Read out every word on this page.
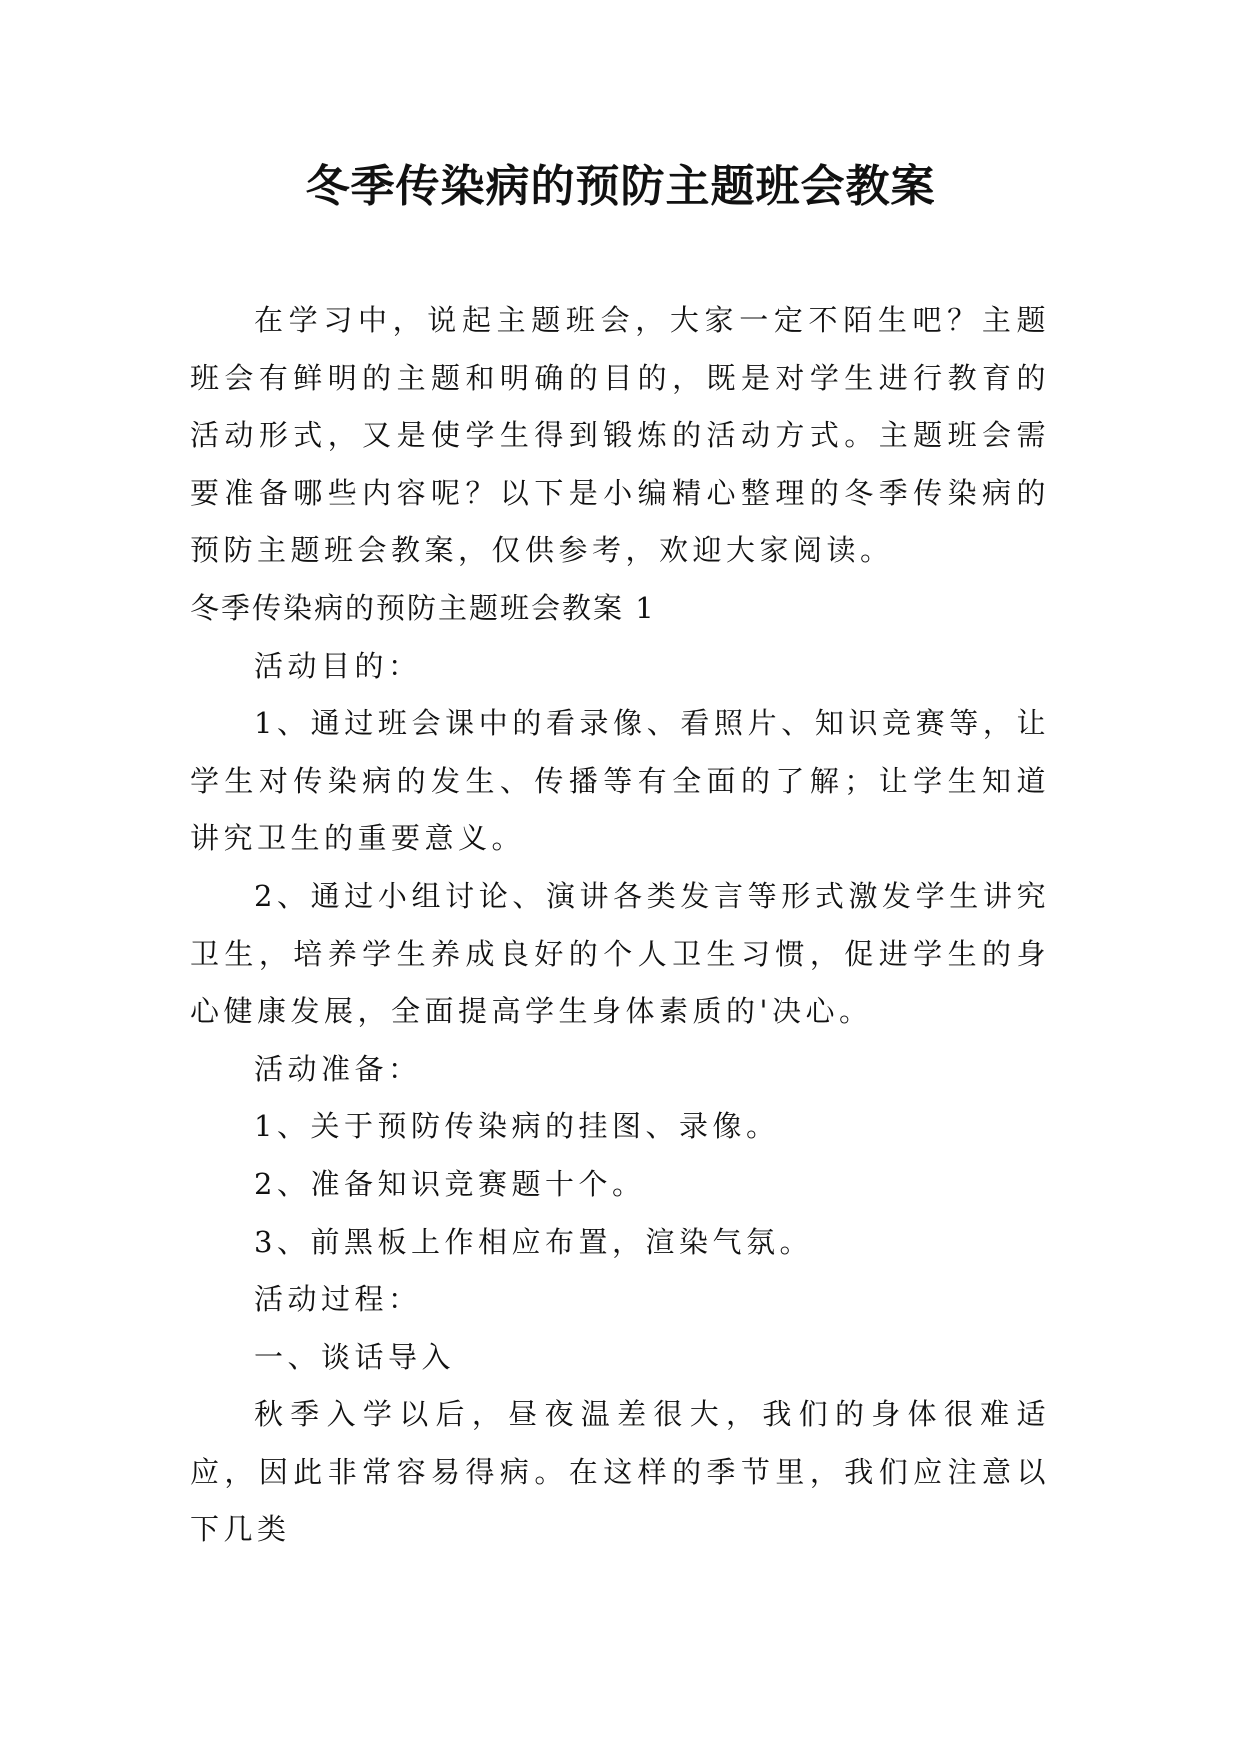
冬季传染病的预防主题班会教案

在学习中，说起主题班会，大家一定不陌生吧？主题班会有鲜明的主题和明确的目的，既是对学生进行教育的活动形式，又是使学生得到锻炼的活动方式。主题班会需要准备哪些内容呢？以下是小编精心整理的冬季传染病的预防主题班会教案，仅供参考，欢迎大家阅读。

冬季传染病的预防主题班会教案 1

活动目的：

1、通过班会课中的看录像、看照片、知识竞赛等，让学生对传染病的发生、传播等有全面的了解；让学生知道讲究卫生的重要意义。

2、通过小组讨论、演讲各类发言等形式激发学生讲究卫生，培养学生养成良好的个人卫生习惯，促进学生的身心健康发展，全面提高学生身体素质的'决心。

活动准备：

1、关于预防传染病的挂图、录像。

2、准备知识竞赛题十个。

3、前黑板上作相应布置，渲染气氛。

活动过程：

一、谈话导入

秋季入学以后，昼夜温差很大，我们的身体很难适应，因此非常容易得病。在这样的季节里，我们应注意以下几类
